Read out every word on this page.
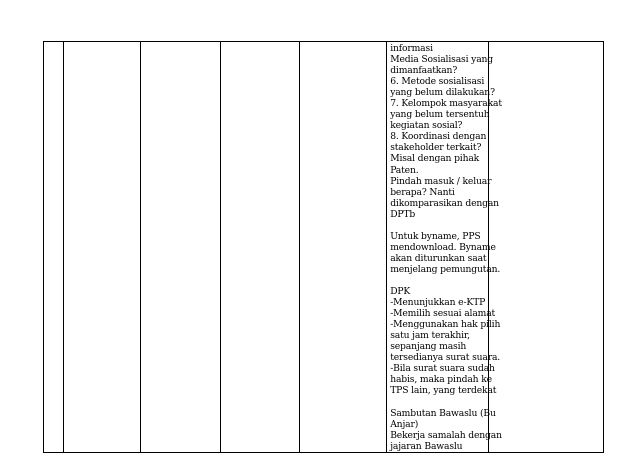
informasi
Media Sosialisasi yang
dimanfaatkan?
6. Metode sosialisasi
yang belum dilakukan?
7. Kelompok masyarakat
yang belum tersentuh
kegiatan sosial?
8. Koordinasi dengan
stakeholder terkait?
Misal dengan pihak
Paten.
Pindah masuk / keluar
berapa? Nanti
dikomparasikan dengan
DPTb
Untuk byname, PPS
mendownload. Byname
akan diturunkan saat
menjelang pemungutan.
DPK
-Menunjukkan e-KTP
-Memilih sesuai alamat
-Menggunakan hak pilih
satu jam terakhir,
sepanjang masih
tersedianya surat suara.
-Bila surat suara sudah
habis, maka pindah ke
TPS lain, yang terdekat
Sambutan Bawaslu (Bu
Anjar)
Bekerja samalah dengan
jajaran Bawaslu
